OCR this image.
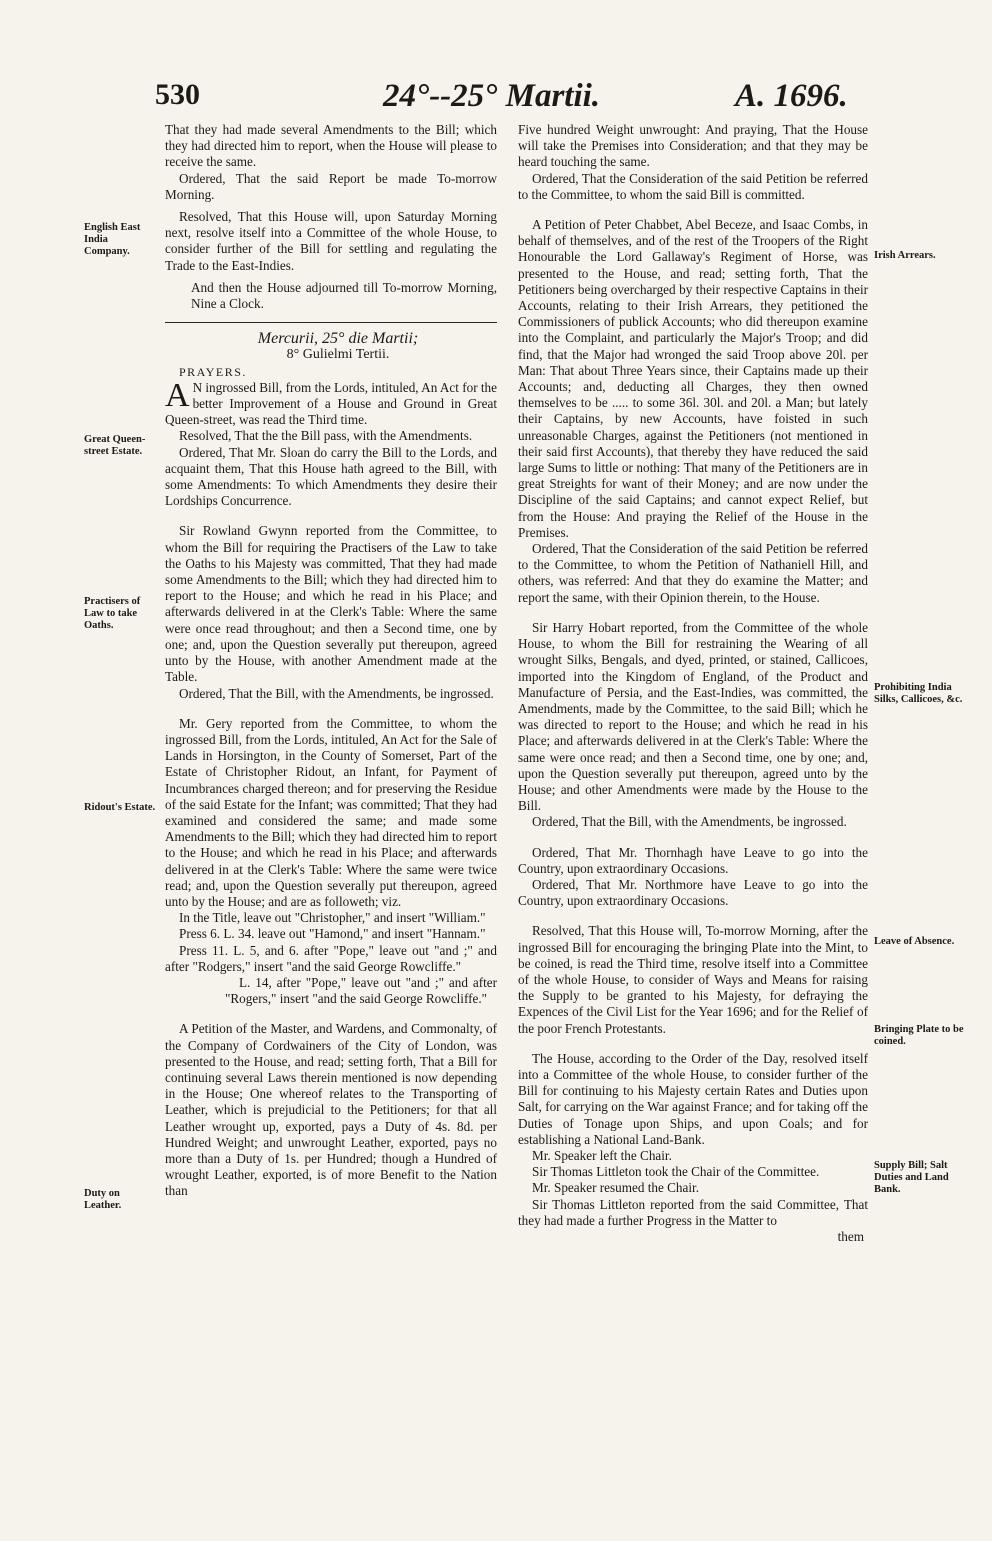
530	24°--25° Martii.	A. 1696.
English East India Company.
Great Queen-street Estate.
Practisers of Law to take Oaths.
Ridout's Estate.
Duty on Leather.
Irish Arrears.
Prohibiting India Silks, Callicoes, &c.
Leave of Absence.
Bringing Plate to be coined.
Supply Bill; Salt Duties and Land Bank.

That they had made several Amendments to the Bill; which they had directed him to report, when the House will please to receive the same.

Ordered, That the said Report be made To-morrow Morning.

Resolved, That this House will, upon Saturday Morning next, resolve itself into a Committee of the whole House, to consider further of the Bill for settling and regulating the Trade to the East-Indies.

And then the House adjourned till To-morrow Morning, Nine a Clock.

Mercurii, 25° die Martii;

8° Gulielmi Tertii.

PRAYERS.

A N ingrossed Bill, from the Lords, intituled, An Act for the better Improvement of a House and Ground in Great Queen-street, was read the Third time.

Resolved, That the the Bill pass, with the Amendments.

Ordered, That Mr. Sloan do carry the Bill to the Lords, and acquaint them, That this House hath agreed to the Bill, with some Amendments: To which Amendments they desire their Lordships Concurrence.

Sir Rowland Gwynn reported from the Committee, to whom the Bill for requiring the Practisers of the Law to take the Oaths to his Majesty was committed, That they had made some Amendments to the Bill; which they had directed him to report to the House; and which he read in his Place; and afterwards delivered in at the Clerk's Table: Where the same were once read throughout; and then a Second time, one by one; and, upon the Question severally put thereupon, agreed unto by the House, with another Amendment made at the Table.

Ordered, That the Bill, with the Amendments, be ingrossed.

Mr. Gery reported from the Committee, to whom the ingrossed Bill, from the Lords, intituled, An Act for the Sale of Lands in Horsington, in the County of Somerset, Part of the Estate of Christopher Ridout, an Infant, for Payment of Incumbrances charged thereon; and for preserving the Residue of the said Estate for the Infant; was committed; That they had examined and considered the same; and made some Amendments to the Bill; which they had directed him to report to the House; and which he read in his Place; and afterwards delivered in at the Clerk's Table: Where the same were twice read; and, upon the Question severally put thereupon, agreed unto by the House; and are as followeth; viz.

In the Title, leave out "Christopher," and insert "William."

Press 6. L. 34. leave out "Hamond," and insert "Hannam."

Press 11. L. 5, and 6. after "Pope," leave out "and ;" and after "Rodgers," insert "and the said George Rowcliffe."

L. 14, after "Pope," leave out "and ;" and after "Rogers," insert "and the said George Rowcliffe."

A Petition of the Master, and Wardens, and Commonalty, of the Company of Cordwainers of the City of London, was presented to the House, and read; setting forth, That a Bill for continuing several Laws therein mentioned is now depending in the House; One whereof relates to the Transporting of Leather, which is prejudicial to the Petitioners; for that all Leather wrought up, exported, pays a Duty of 4s. 8d. per Hundred Weight; and unwrought Leather, exported, pays no more than a Duty of 1s. per Hundred; though a Hundred of wrought Leather, exported, is of more Benefit to the Nation than

Five hundred Weight unwrought: And praying, That the House will take the Premises into Consideration; and that they may be heard touching the same.

Ordered, That the Consideration of the said Petition be referred to the Committee, to whom the said Bill is committed.

A Petition of Peter Chabbet, Abel Beceze, and Isaac Combs, in behalf of themselves, and of the rest of the Troopers of the Right Honourable the Lord Gallaway's Regiment of Horse, was presented to the House, and read; setting forth, That the Petitioners being overcharged by their respective Captains in their Accounts, relating to their Irish Arrears, they petitioned the Commissioners of publick Accounts; who did thereupon examine into the Complaint, and particularly the Major's Troop; and did find, that the Major had wronged the said Troop above 20l. per Man: That about Three Years since, their Captains made up their Accounts; and, deducting all Charges, they then owned themselves to be ..... to some 36l. 30l. and 20l. a Man; but lately their Captains, by new Accounts, have foisted in such unreasonable Charges, against the Petitioners (not mentioned in their said first Accounts), that thereby they have reduced the said large Sums to little or nothing: That many of the Petitioners are in great Streights for want of their Money; and are now under the Discipline of the said Captains; and cannot expect Relief, but from the House: And praying the Relief of the House in the Premises.

Ordered, That the Consideration of the said Petition be referred to the Committee, to whom the Petition of Nathaniell Hill, and others, was referred: And that they do examine the Matter; and report the same, with their Opinion therein, to the House.

Sir Harry Hobart reported, from the Committee of the whole House, to whom the Bill for restraining the Wearing of all wrought Silks, Bengals, and dyed, printed, or stained, Callicoes, imported into the Kingdom of England, of the Product and Manufacture of Persia, and the East-Indies, was committed, the Amendments, made by the Committee, to the said Bill; which he was directed to report to the House; and which he read in his Place; and afterwards delivered in at the Clerk's Table: Where the same were once read; and then a Second time, one by one; and, upon the Question severally put thereupon, agreed unto by the House; and other Amendments were made by the House to the Bill.

Ordered, That the Bill, with the Amendments, be ingrossed.

Ordered, That Mr. Thornhagh have Leave to go into the Country, upon extraordinary Occasions.

Ordered, That Mr. Northmore have Leave to go into the Country, upon extraordinary Occasions.

Resolved, That this House will, To-morrow Morning, after the ingrossed Bill for encouraging the bringing Plate into the Mint, to be coined, is read the Third time, resolve itself into a Committee of the whole House, to consider of Ways and Means for raising the Supply to be granted to his Majesty, for defraying the Expences of the Civil List for the Year 1696; and for the Relief of the poor French Protestants.

The House, according to the Order of the Day, resolved itself into a Committee of the whole House, to consider further of the Bill for continuing to his Majesty certain Rates and Duties upon Salt, for carrying on the War against France; and for taking off the Duties of Tonage upon Ships, and upon Coals; and for establishing a National Land-Bank.

Mr. Speaker left the Chair.

Sir Thomas Littleton took the Chair of the Committee.

Mr. Speaker resumed the Chair.

Sir Thomas Littleton reported from the said Committee, That they had made a further Progress in the Matter to

them
